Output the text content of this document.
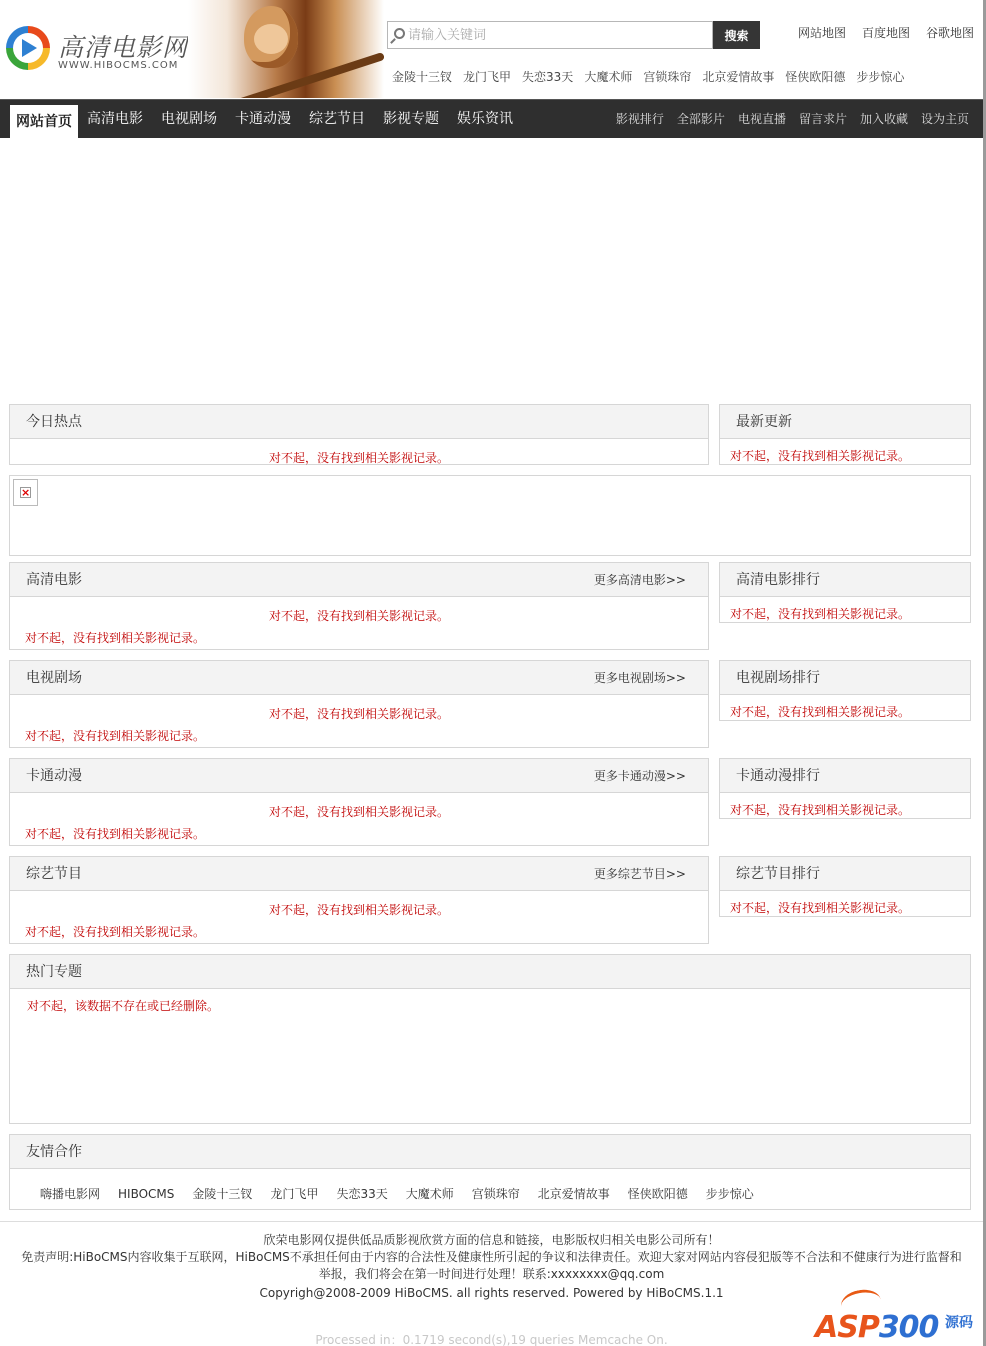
高清电影网
WWW.HIBOCMS.COM
请输入关键词
搜索
金陵十三钗 龙门飞甲 失恋33天 大魔术师 宫锁珠帘 北京爱情故事 怪侠欧阳德 步步惊心
网站地图 百度地图 谷歌地图
网站首页	高清电影	电视剧场	卡通动漫	综艺节目	影视专题	娱乐资讯	影视排行 全部影片 电视直播 留言求片 加入收藏 设为主页
今日热点
对不起，没有找到相关影视记录。
最新更新
对不起，没有找到相关影视记录。
×
高清电影	更多高清电影>>
对不起，没有找到相关影视记录。
对不起，没有找到相关影视记录。
高清电影排行
对不起，没有找到相关影视记录。
电视剧场	更多电视剧场>>
对不起，没有找到相关影视记录。
对不起，没有找到相关影视记录。
电视剧场排行
对不起，没有找到相关影视记录。
卡通动漫	更多卡通动漫>>
对不起，没有找到相关影视记录。
对不起，没有找到相关影视记录。
卡通动漫排行
对不起，没有找到相关影视记录。
综艺节目	更多综艺节目>>
对不起，没有找到相关影视记录。
对不起，没有找到相关影视记录。
综艺节目排行
对不起，没有找到相关影视记录。
热门专题
对不起，该数据不存在或已经删除。
友情合作
嗨播电影网 HIBOCMS 金陵十三钗 龙门飞甲 失恋33天 大魔术师 宫锁珠帘 北京爱情故事 怪侠欧阳德 步步惊心

欣荣电影网仅提供低品质影视欣赏方面的信息和链接，电影版权归相关电影公司所有！

免责声明:HiBoCMS内容收集于互联网，HiBoCMS不承担任何由于内容的合法性及健康性所引起的争议和法律责任。欢迎大家对网站内容侵犯版等不合法和不健康行为进行监督和举报，我们将会在第一时间进行处理！联系:xxxxxxxx@qq.com

Copyrigh@2008-2009 HiBoCMS. all rights reserved. Powered by HiBoCMS.1.1
Processed in：0.1719 second(s),19 queries Memcache On.	ASP300 源码
